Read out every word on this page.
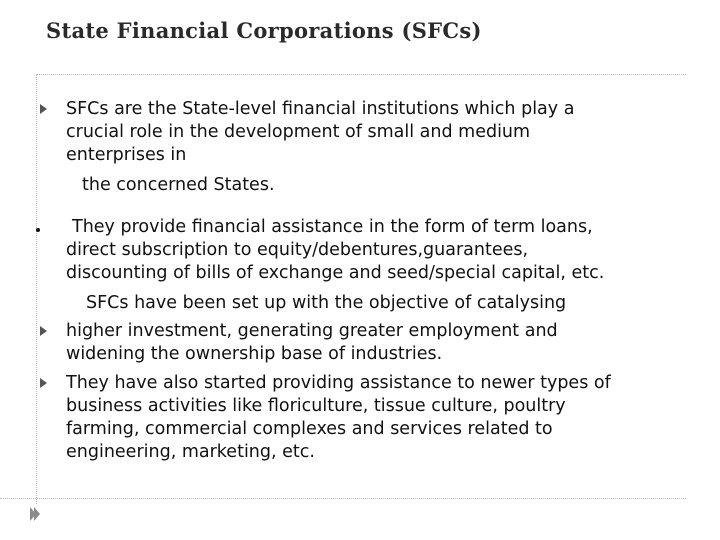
State Financial Corporations (SFCs)
SFCs are the State-level financial institutions which play a
crucial role in the development of small and medium
enterprises in
the concerned States.
They provide financial assistance in the form of term loans,
direct subscription to equity/debentures,guarantees,
discounting of bills of exchange and seed/special capital, etc.
SFCs have been set up with the objective of catalysing
higher investment, generating greater employment and
widening the ownership base of industries.
They have also started providing assistance to newer types of
business activities like floriculture, tissue culture, poultry
farming, commercial complexes and services related to
engineering, marketing, etc.
